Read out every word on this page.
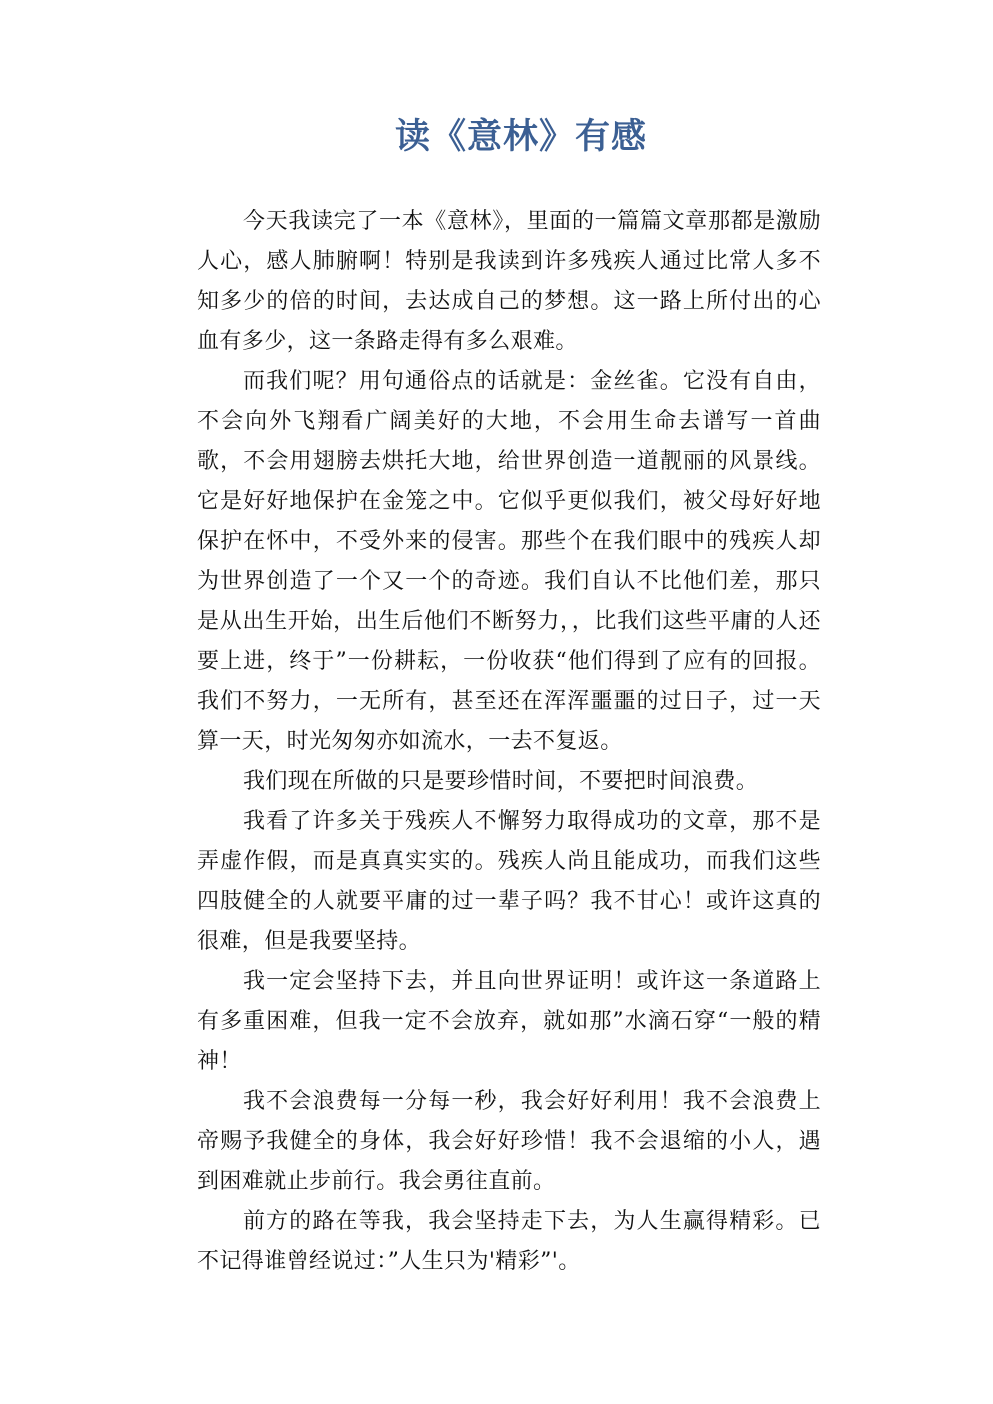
读《意林》有感

今天我读完了一本《意林》，里面的一篇篇文章那都是激励人心，感人肺腑啊！特别是我读到许多残疾人通过比常人多不知多少的倍的时间，去达成自己的梦想。这一路上所付出的心血有多少，这一条路走得有多么艰难。

而我们呢？用句通俗点的话就是：金丝雀。它没有自由，不会向外飞翔看广阔美好的大地，不会用生命去谱写一首曲歌，不会用翅膀去烘托大地，给世界创造一道靓丽的风景线。它是好好地保护在金笼之中。它似乎更似我们，被父母好好地保护在怀中，不受外来的侵害。那些个在我们眼中的残疾人却为世界创造了一个又一个的奇迹。我们自认不比他们差，那只是从出生开始，出生后他们不断努力，，比我们这些平庸的人还要上进，终于”一份耕耘，一份收获“他们得到了应有的回报。我们不努力，一无所有，甚至还在浑浑噩噩的过日子，过一天算一天，时光匆匆亦如流水，一去不复返。

我们现在所做的只是要珍惜时间，不要把时间浪费。

我看了许多关于残疾人不懈努力取得成功的文章，那不是弄虚作假，而是真真实实的。残疾人尚且能成功，而我们这些四肢健全的人就要平庸的过一辈子吗？我不甘心！或许这真的很难，但是我要坚持。

我一定会坚持下去，并且向世界证明！或许这一条道路上有多重困难，但我一定不会放弃，就如那”水滴石穿“一般的精神！

我不会浪费每一分每一秒，我会好好利用！我不会浪费上帝赐予我健全的身体，我会好好珍惜！我不会退缩的小人，遇到困难就止步前行。我会勇往直前。

前方的路在等我，我会坚持走下去，为人生赢得精彩。已不记得谁曾经说过：”人生只为'精彩”'。
